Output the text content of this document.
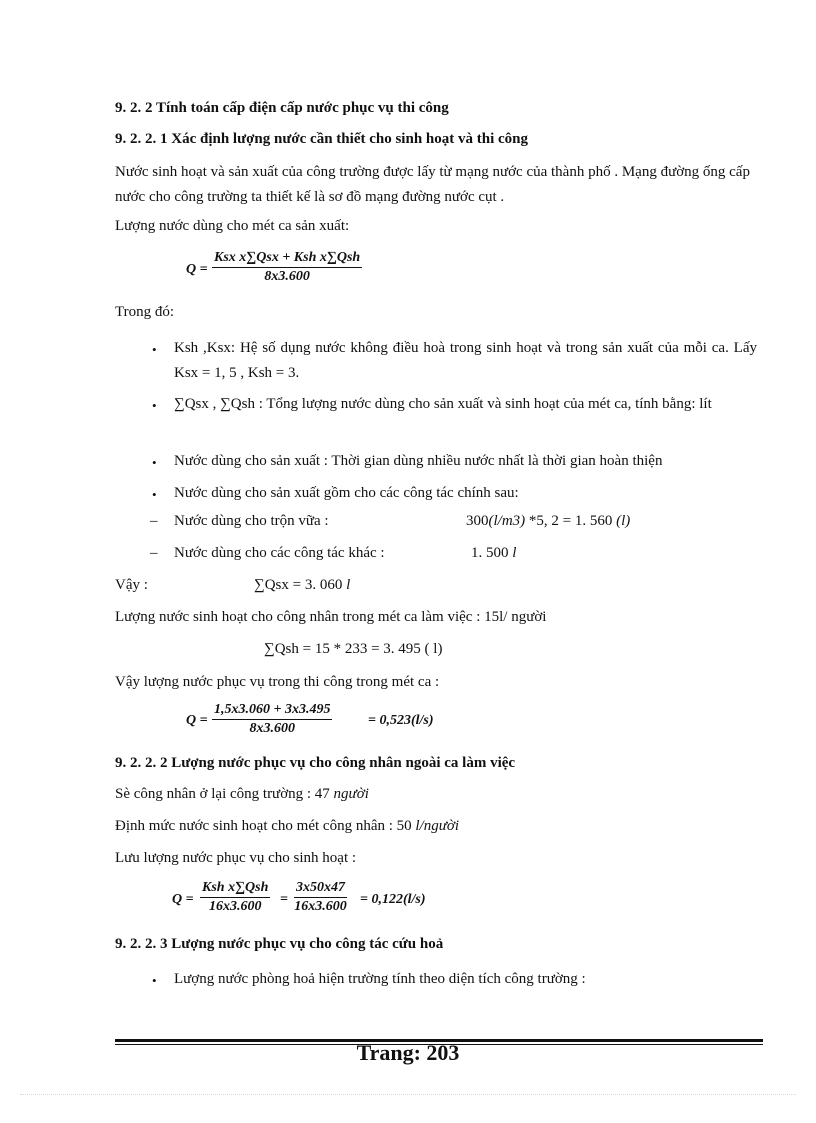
9. 2. 2 Tính toán cấp điện cấp nước phục vụ thi công
9. 2. 2. 1 Xác định lượng nước cần thiết cho sinh hoạt và thi công
Nước sinh hoạt và sản xuất của công trường được lấy từ mạng nước của thành phố . Mạng đường ống cấp nước cho công trường ta thiết kế là sơ đồ mạng đường nước cụt .
Lượng nước dùng cho mét ca sản xuất:
Q =
Ksx x∑Qsx + Ksh x∑Qsh
8x3.600
Trong đó:
• Ksh ,Ksx: Hệ số dụng nước không điều hoà trong sinh hoạt và trong sản xuất của mỗi ca. Lấy Ksx = 1, 5 , Ksh = 3.
• ∑Qsx , ∑Qsh : Tổng lượng nước dùng cho sản xuất và sinh hoạt của mét ca, tính bằng: lít
• Nước dùng cho sản xuất : Thời gian dùng nhiều nước nhất là thời gian hoàn thiện
• Nước dùng cho sản xuất gồm cho các công tác chính sau:
– Nước dùng cho trộn vữa :	300(l/m3) *5, 2 = 1. 560 (l)
– Nước dùng cho các công tác khác :	1. 500 l
Vậy :	∑Qsx = 3. 060 l
Lượng nước sinh hoạt cho công nhân trong mét ca làm việc : 15l/ người
∑Qsh = 15 * 233 = 3. 495 ( l)
Vậy lượng nước phục vụ trong thi công trong mét ca :
$Q = \frac{1,5x3.060 + 3x3.495}{8x3.600}$	= 0,523(l/s)
9. 2. 2. 2 Lượng nước phục vụ cho công nhân ngoài ca làm việc
Sè công nhân ở lại công trường : 47 người
Định mức nước sinh hoạt cho mét công nhân : 50 l/người
Lưu lượng nước phục vụ cho sinh hoạt :
Q =
Ksh x∑Qsh
16x3.600	= $\frac{3x50x47}{16x3.600} = 0,122(l/s)$
9. 2. 2. 3 Lượng nước phục vụ cho công tác cứu hoả
• Lượng nước phòng hoả hiện trường tính theo diện tích công trường :
Trang: 203
